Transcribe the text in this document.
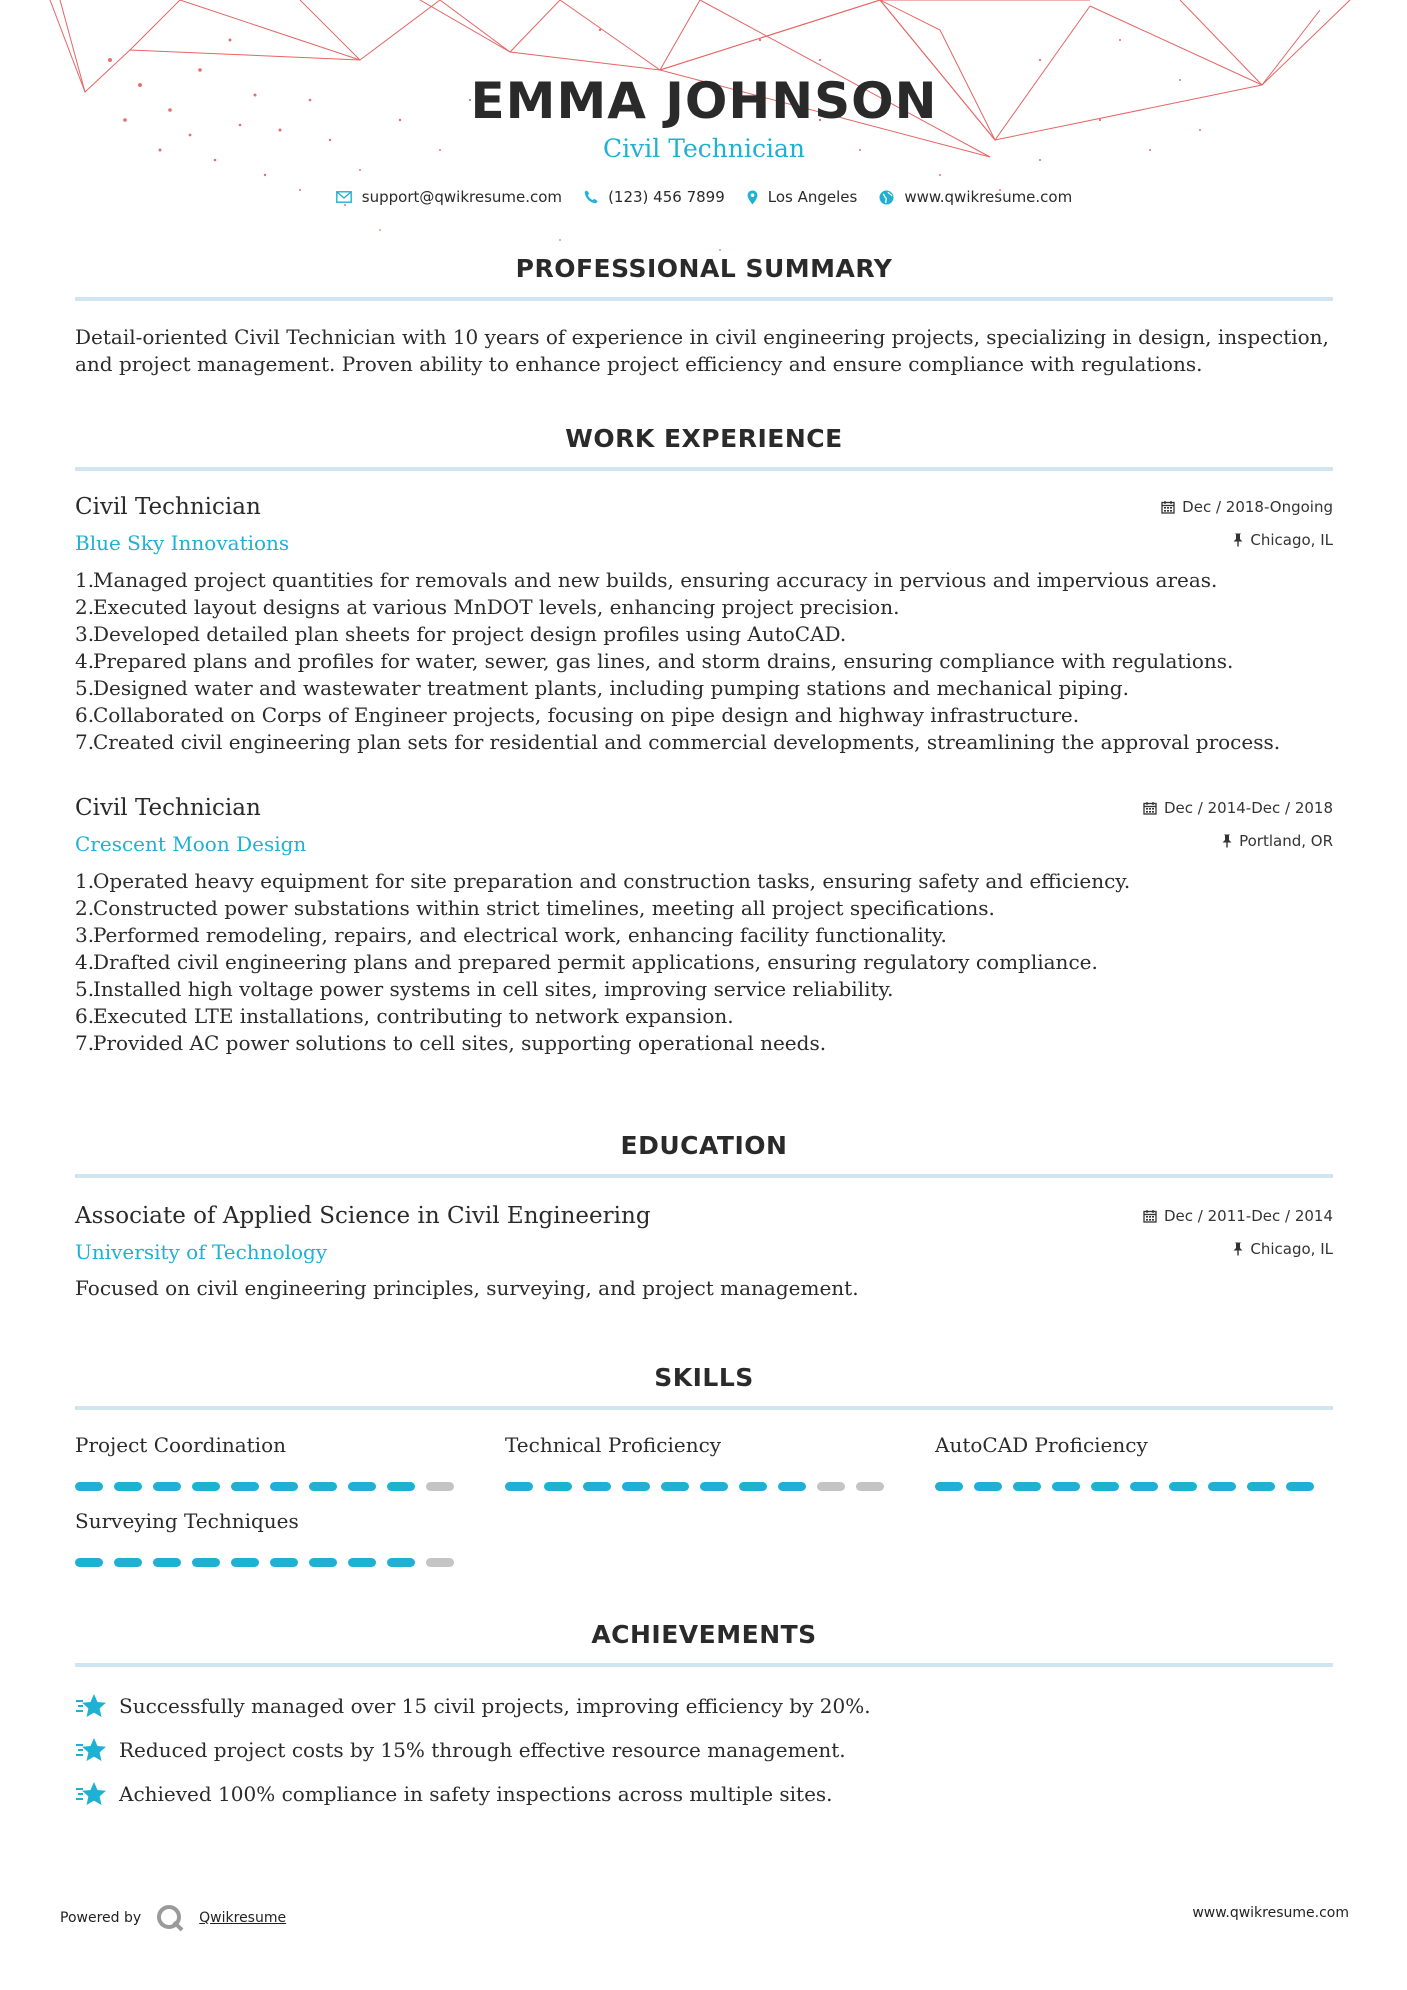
EMMA JOHNSON
Civil Technician
support@qwikresume.com	(123) 456 7899	Los Angeles	www.qwikresume.com
PROFESSIONAL SUMMARY

Detail-oriented Civil Technician with 10 years of experience in civil engineering projects, specializing in design, inspection, and project management. Proven ability to enhance project efficiency and ensure compliance with regulations.

WORK EXPERIENCE
Civil Technician
Blue Sky Innovations
Dec / 2018-Ongoing
Chicago, IL
1.
Managed project quantities for removals and new builds, ensuring accuracy in pervious and impervious areas.
2.
Executed layout designs at various MnDOT levels, enhancing project precision.
3.
Developed detailed plan sheets for project design profiles using AutoCAD.
4.
Prepared plans and profiles for water, sewer, gas lines, and storm drains, ensuring compliance with regulations.
5.
Designed water and wastewater treatment plants, including pumping stations and mechanical piping.
6.
Collaborated on Corps of Engineer projects, focusing on pipe design and highway infrastructure.
7.
Created civil engineering plan sets for residential and commercial developments, streamlining the approval process.
Civil Technician
Crescent Moon Design
Dec / 2014-Dec / 2018
Portland, OR
1.
Operated heavy equipment for site preparation and construction tasks, ensuring safety and efficiency.
2.
Constructed power substations within strict timelines, meeting all project specifications.
3.
Performed remodeling, repairs, and electrical work, enhancing facility functionality.
4.
Drafted civil engineering plans and prepared permit applications, ensuring regulatory compliance.
5.
Installed high voltage power systems in cell sites, improving service reliability.
6.
Executed LTE installations, contributing to network expansion.
7.
Provided AC power solutions to cell sites, supporting operational needs.
EDUCATION
Associate of Applied Science in Civil Engineering
University of Technology
Dec / 2011-Dec / 2014
Chicago, IL
Focused on civil engineering principles, surveying, and project management.
SKILLS
Project Coordination	Technical Proficiency	AutoCAD Proficiency
Surveying Techniques
ACHIEVEMENTS
Successfully managed over 15 civil projects, improving efficiency by 20%.
Reduced project costs by 15% through effective resource management.
Achieved 100% compliance in safety inspections across multiple sites.
Powered by	Qwikresume	www.qwikresume.com
